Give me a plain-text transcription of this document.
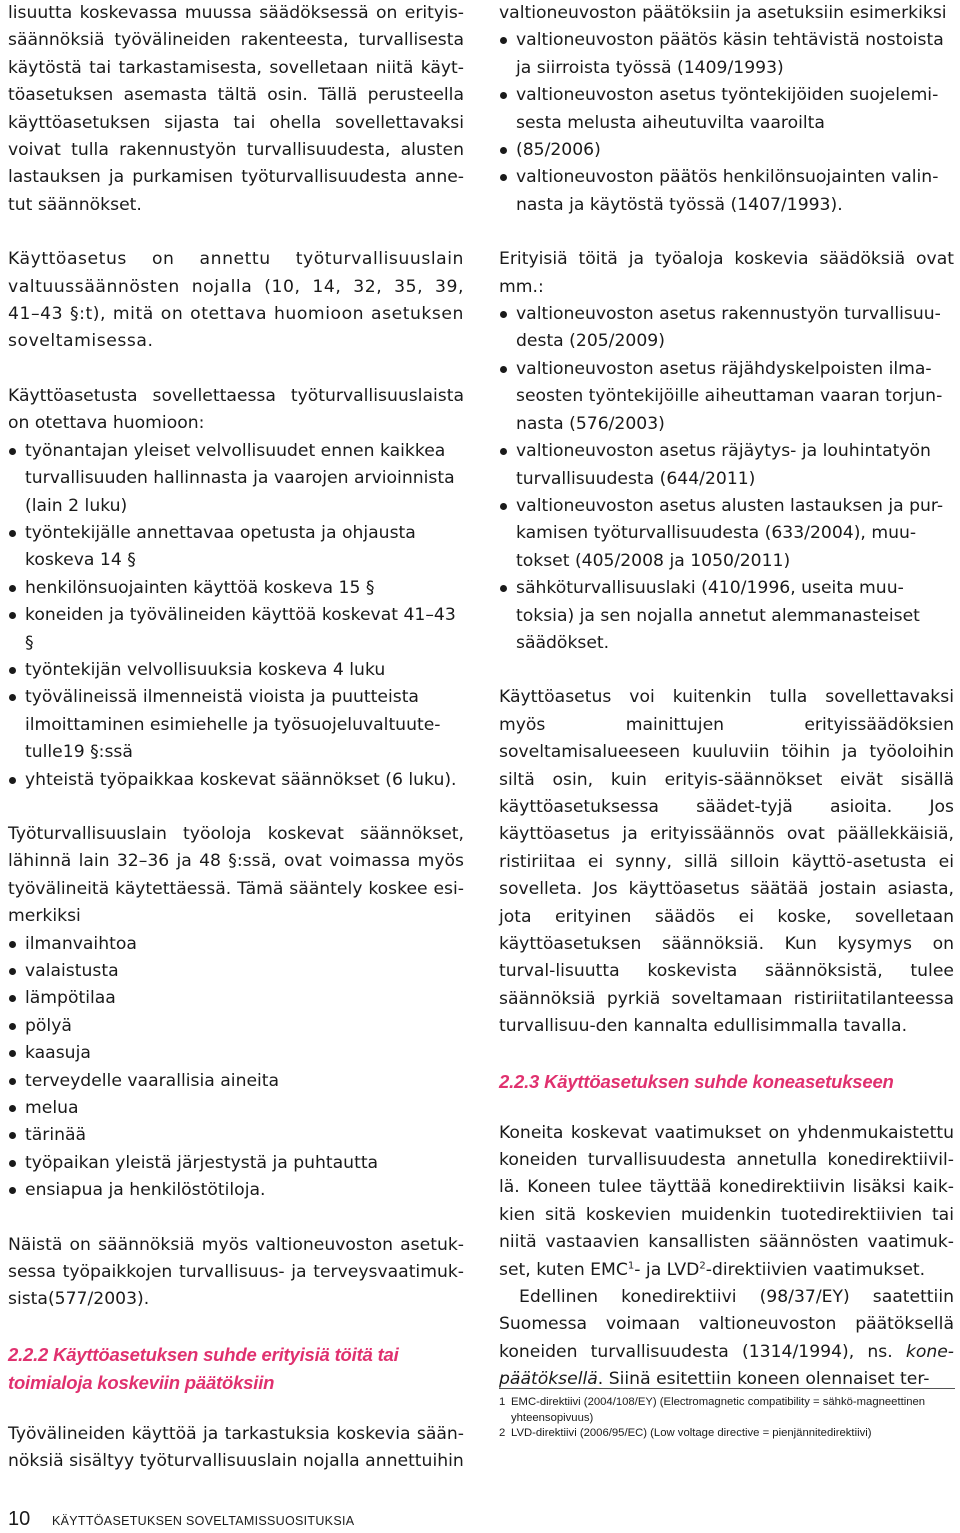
lisuutta koskevassa muussa säädöksessä on erityis-säännöksiä työvälineiden rakenteesta, turvallisesta käytöstä tai tarkastamisesta, sovelletaan niitä käyt-töasetuksen asemasta tältä osin. Tällä perusteella käyttöasetuksen sijasta tai ohella sovellettavaksi voivat tulla rakennustyön turvallisuudesta, alusten lastauksen ja purkamisen työturvallisuudesta anne-tut säännökset.

Käyttöasetus on annettu työturvallisuuslain valtuussäännösten nojalla (10, 14, 32, 35, 39, 41–43 §:t), mitä on otettava huomioon asetuksen soveltamisessa.

Käyttöasetusta sovellettaessa työturvallisuuslaista on otettava huomioon:

työnantajan yleiset velvollisuudet ennen kaikkea turvallisuuden hallinnasta ja vaarojen arvioinnista (lain 2 luku)
työntekijälle annettavaa opetusta ja ohjausta koskeva 14 §
henkilönsuojainten käyttöä koskeva 15 §
koneiden ja työvälineiden käyttöä koskevat 41–43 §
työntekijän velvollisuuksia koskeva 4 luku
työvälineissä ilmenneistä vioista ja puutteista ilmoittaminen esimiehelle ja työsuojeluvaltuute-tulle19 §:ssä
yhteistä työpaikkaa koskevat säännökset (6 luku).

Työturvallisuuslain työoloja koskevat säännökset, lähinnä lain 32–36 ja 48 §:ssä, ovat voimassa myös työvälineitä käytettäessä. Tämä sääntely koskee esi-merkiksi

ilmanvaihtoa
valaistusta
lämpötilaa
pölyä
kaasuja
terveydelle vaarallisia aineita
melua
tärinää
työpaikan yleistä järjestystä ja puhtautta
ensiapua ja henkilöstötiloja.

Näistä on säännöksiä myös valtioneuvoston asetuk-sessa työpaikkojen turvallisuus- ja terveysvaatimuk-sista(577/2003).

2.2.2 Käyttöasetuksen suhde erityisiä töitä tai toimialoja koskeviin päätöksiin

Työvälineiden käyttöä ja tarkastuksia koskevia sään-nöksiä sisältyy työturvallisuuslain nojalla annettuihin

valtioneuvoston päätöksiin ja asetuksiin esimerkiksi

valtioneuvoston päätös käsin tehtävistä nostoista ja siirroista työssä (1409/1993)
valtioneuvoston asetus työntekijöiden suojelemi-sesta melusta aiheutuvilta vaaroilta
(85/2006)
valtioneuvoston päätös henkilönsuojainten valin-nasta ja käytöstä työssä (1407/1993).

Erityisiä töitä ja työaloja koskevia säädöksiä ovat mm.:

valtioneuvoston asetus rakennustyön turvallisuu-desta (205/2009)
valtioneuvoston asetus räjähdyskelpoisten ilma-seosten työntekijöille aiheuttaman vaaran torjun-nasta (576/2003)
valtioneuvoston asetus räjäytys- ja louhintatyön turvallisuudesta (644/2011)
valtioneuvoston asetus alusten lastauksen ja pur-kamisen työturvallisuudesta (633/2004), muu-tokset (405/2008 ja 1050/2011)
sähköturvallisuuslaki (410/1996, useita muu-toksia) ja sen nojalla annetut alemmanasteiset säädökset.

Käyttöasetus voi kuitenkin tulla sovellettavaksi myös mainittujen erityissäädöksien soveltamisalueeseen kuuluviin töihin ja työoloihin siltä osin, kuin erityis-säännökset eivät sisällä käyttöasetuksessa säädet-tyjä asioita. Jos käyttöasetus ja erityissäännös ovat päällekkäisiä, ristiriitaa ei synny, sillä silloin käyttö-asetusta ei sovelleta. Jos käyttöasetus säätää jostain asiasta, jota erityinen säädös ei koske, sovelletaan käyttöasetuksen säännöksiä. Kun kysymys on turval-lisuutta koskevista säännöksistä, tulee säännöksiä pyrkiä soveltamaan ristiriitatilanteessa turvallisuu-den kannalta edullisimmalla tavalla.

2.2.3 Käyttöasetuksen suhde koneasetukseen

Koneita koskevat vaatimukset on yhdenmukaistettu koneiden turvallisuudesta annetulla konedirektiivil-lä. Koneen tulee täyttää konedirektiivin lisäksi kaik-kien sitä koskevien muidenkin tuotedirektiivien tai niitä vastaavien kansallisten säännösten vaatimuk-set, kuten EMC$^1$- ja LVD$^2$-direktiivien vaatimukset.

Edellinen konedirektiivi (98/37/EY) saatettiin Suomessa voimaan valtioneuvoston päätöksellä koneiden turvallisuudesta (1314/1994), ns. kone-päätöksellä. Siinä esitettiin koneen olennaiset ter-

1 EMC-direktiivi (2004/108/EY) (Electromagnetic compatibility = sähkö-magneettinen yhteensopivuus)
2 LVD-direktiivi (2006/95/EC) (Low voltage directive = pienjännitedirektiivi)
10	KÄYTTÖASETUKSEN SOVELTAMISSUOSITUKSIA
